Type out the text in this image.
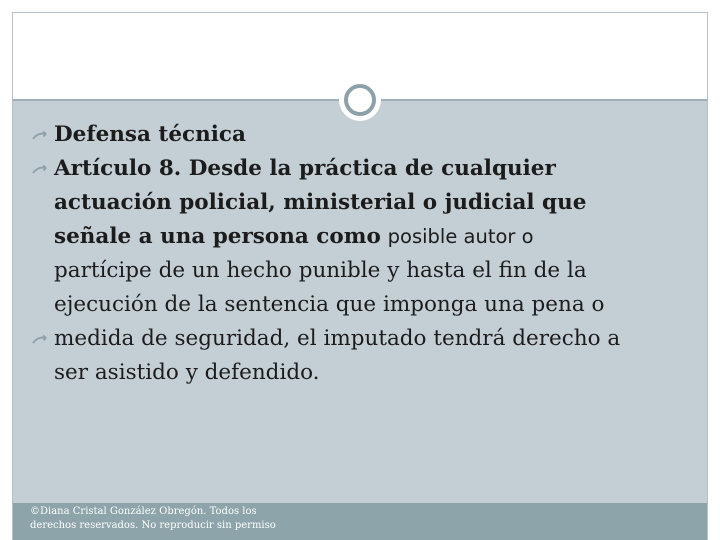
Defensa técnica

Artículo 8. Desde la práctica de cualquier
actuación policial, ministerial o judicial que
señale a una persona como posible autor o
partícipe de un hecho punible y hasta el fin de la
ejecución de la sentencia que imponga una pena o

medida de seguridad, el imputado tendrá derecho a
ser asistido y defendido.

©Diana Cristal González Obregón. Todos los
derechos reservados. No reproducir sin permiso
